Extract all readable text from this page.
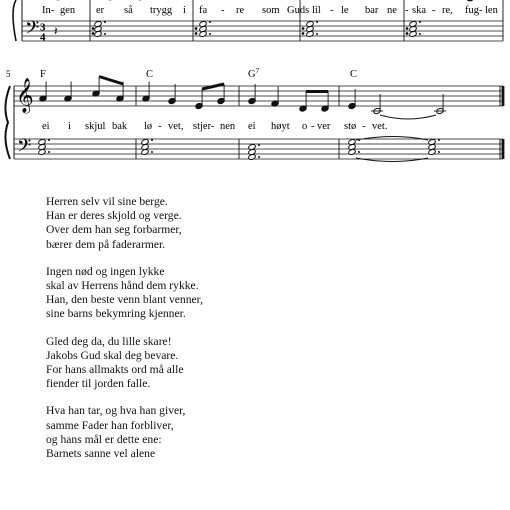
𝄢 3
4 𝄽
In- gen er så trygg i fa - re som Guds lil - le bar ne - ska - re, fug- len
𝄞
𝄢
5	F	C	$G^7$	C
ei i skjul bak lø - vet, stjer- nen ei høyt o - ver stø - vet.
Herren selv vil sine berge.
Han er deres skjold og verge.
Over dem han seg forbarmer,
bærer dem på faderarmer.
Ingen nød og ingen lykke
skal av Herrens hånd dem rykke.
Han, den beste venn blant venner,
sine barns bekymring kjenner.
Gled deg da, du lille skare!
Jakobs Gud skal deg bevare.
For hans allmakts ord må alle
fiender til jorden falle.
Hva han tar, og hva han giver,
samme Fader han forbliver,
og hans mål er dette ene:
Barnets sanne vel alene
